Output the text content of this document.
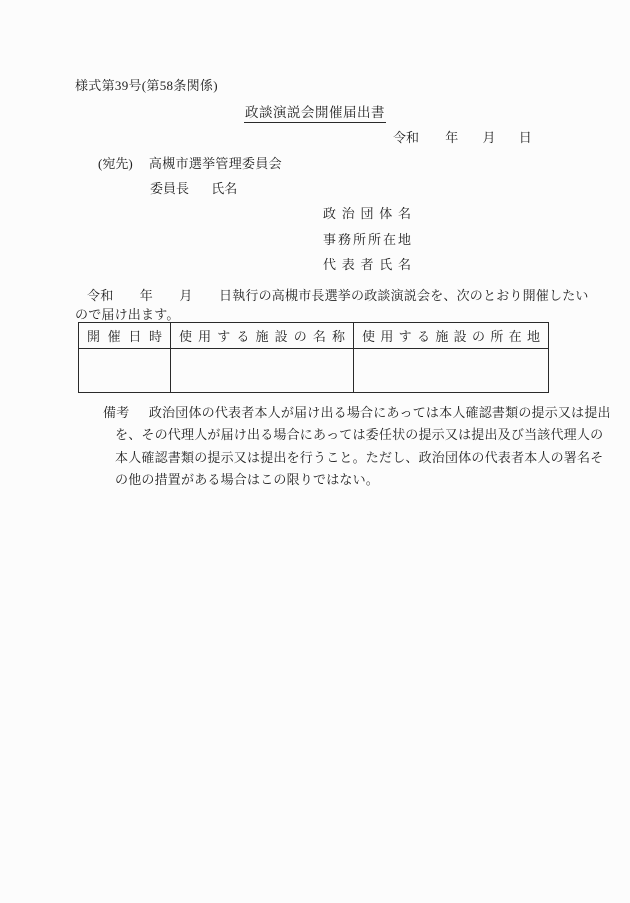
様式第39号(第58条関係)
政談演説会開催届出書
令和 年 月 日
(宛先) 高槻市選挙管理委員会
委員長 氏名
政 治 団 体 名
事務所所在地
代 表 者 氏 名
令和　　年　　月　　日執行の高槻市長選挙の政談演説会を、次のとおり開催したい
ので届け出ます。
開 催 日 時	使 用 す る 施 設 の 名 称	使 用 す る 施 設 の 所 在 地

備考 政治団体の代表者本人が届け出る場合にあっては本人確認書類の提示又は提出
を、その代理人が届け出る場合にあっては委任状の提示又は提出及び当該代理人の
本人確認書類の提示又は提出を行うこと。ただし、政治団体の代表者本人の署名そ
の他の措置がある場合はこの限りではない。
